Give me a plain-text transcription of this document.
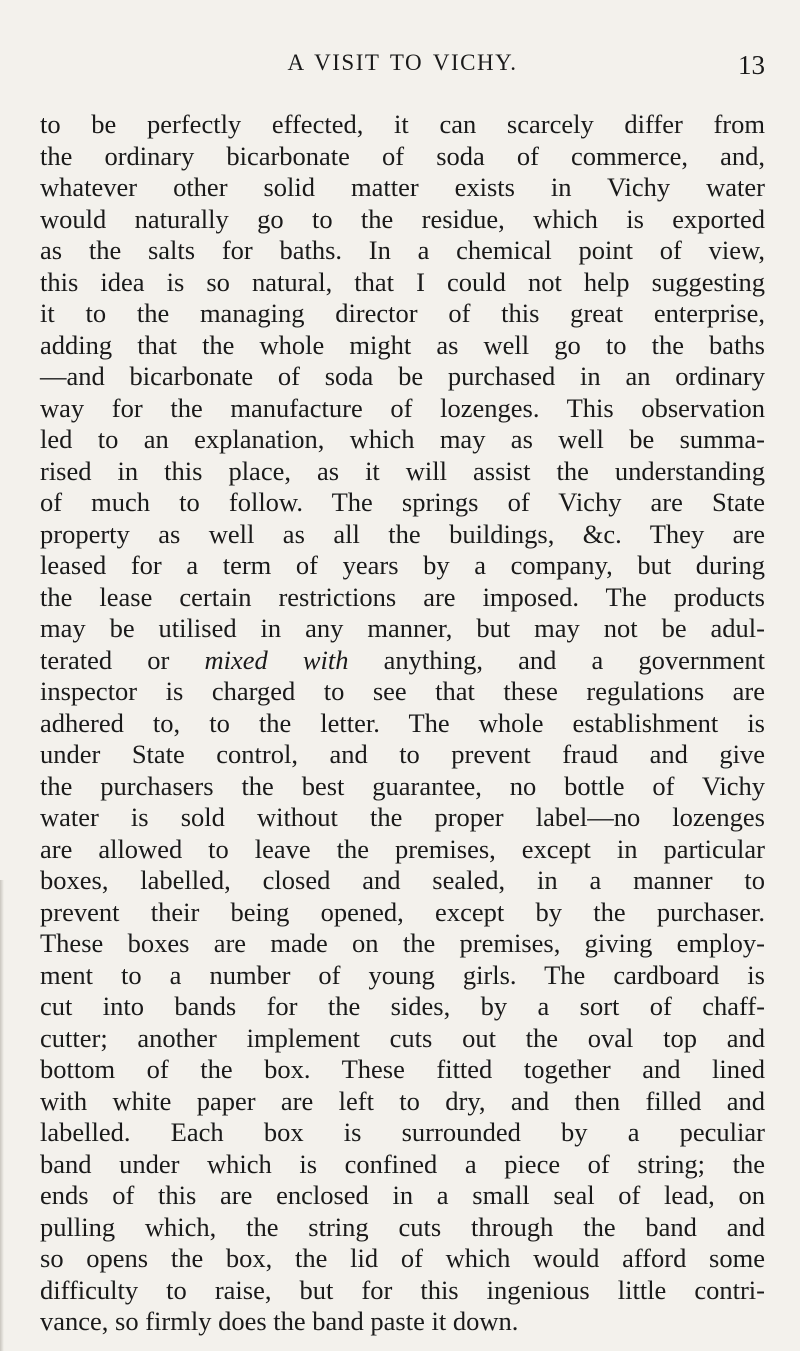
A VISIT TO VICHY.	13
to be perfectly effected, it can scarcely differ from
the ordinary bicarbonate of soda of commerce, and,
whatever other solid matter exists in Vichy water
would naturally go to the residue, which is exported
as the salts for baths. In a chemical point of view,
this idea is so natural, that I could not help suggesting
it to the managing director of this great enterprise,
adding that the whole might as well go to the baths
—and bicarbonate of soda be purchased in an ordinary
way for the manufacture of lozenges. This observation
led to an explanation, which may as well be summa-
rised in this place, as it will assist the understanding
of much to follow. The springs of Vichy are State
property as well as all the buildings, &c. They are
leased for a term of years by a company, but during
the lease certain restrictions are imposed. The products
may be utilised in any manner, but may not be adul-
terated or mixed with anything, and a government
inspector is charged to see that these regulations are
adhered to, to the letter. The whole establishment is
under State control, and to prevent fraud and give
the purchasers the best guarantee, no bottle of Vichy
water is sold without the proper label—no lozenges
are allowed to leave the premises, except in particular
boxes, labelled, closed and sealed, in a manner to
prevent their being opened, except by the purchaser.
These boxes are made on the premises, giving employ-
ment to a number of young girls. The cardboard is
cut into bands for the sides, by a sort of chaff-
cutter; another implement cuts out the oval top and
bottom of the box. These fitted together and lined
with white paper are left to dry, and then filled and
labelled. Each box is surrounded by a peculiar
band under which is confined a piece of string; the
ends of this are enclosed in a small seal of lead, on
pulling which, the string cuts through the band and
so opens the box, the lid of which would afford some
difficulty to raise, but for this ingenious little contri-
vance, so firmly does the band paste it down.
